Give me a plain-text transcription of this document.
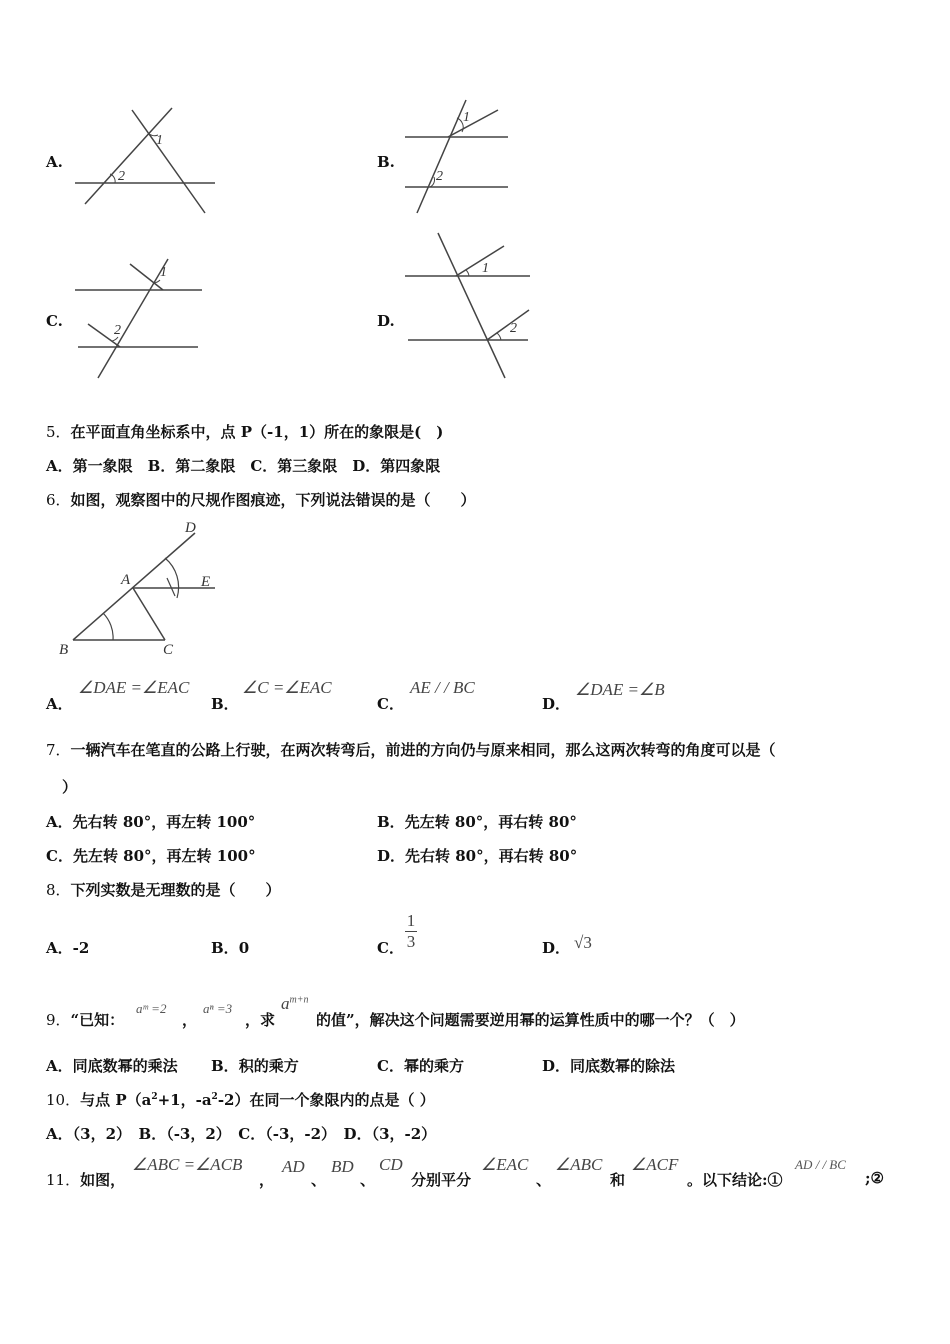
A.
1
2
B.
1
2
C.
1
2
D.
1
2
5．在平面直角坐标系中，点 P（-1，1）所在的象限是(　)
A．第一象限　B．第二象限　C．第三象限　D．第四象限
6．如图，观察图中的尺规作图痕迹，下列说法错误的是（　　）
D
A	E
B	C
A．
∠DAE =∠EAC
B．
∠C =∠EAC
C．
AE / / BC
D．
∠DAE =∠B
7．一辆汽车在笔直的公路上行驶，在两次转弯后，前进的方向仍与原来相同，那么这两次转弯的角度可以是（
）
A．先右转 80°，再左转 100°	B．先左转 80°，再右转 80°
C．先左转 80°，再左转 100°	D．先右转 80°，再右转 80°
8．下列实数是无理数的是（　　）
A．-2	B．0	C．
1
3	D． √3
9．“已知：
aᵐ =2
，
aⁿ =3
，求
$a^{m+n}$
的值”，解决这个问题需要逆用幂的运算性质中的哪一个？（　）
A．同底数幂的乘法 B．积的乘方	C．幂的乘方	D．同底数幂的除法
10．与点 $P(a^2+1$，$-a^2-2$）在同一个象限内的点是（ ）
A．（3，2）　B．（-3，2）　C．（-3，-2）　D．（3，-2）
11．如图，
∠ABC =∠ACB
，
AD
、
BD
、
CD
分别平分
∠EAC
、
∠ABC
和
∠ACF
。以下结论:①
AD / / BC
;②
